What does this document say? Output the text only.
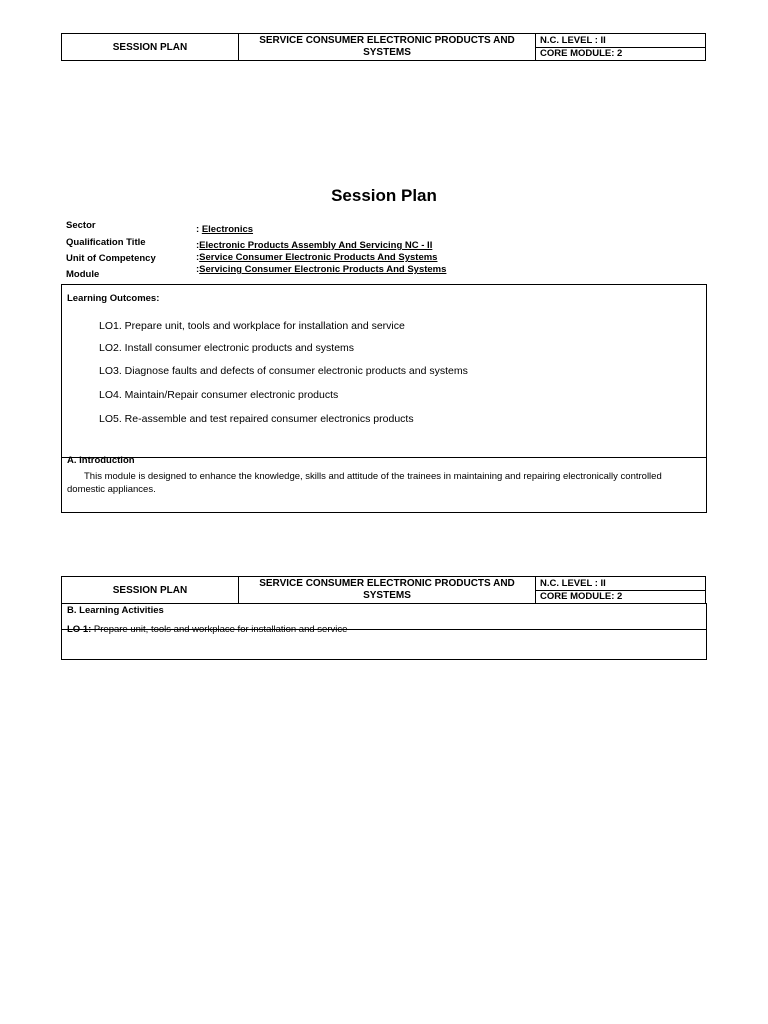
SESSION PLAN
SERVICE CONSUMER ELECTRONIC PRODUCTS AND SYSTEMS
N.C. LEVEL : II
CORE MODULE: 2
Session Plan
Sector
Qualification Title
Unit of Competency
Module
: Electronics
:Electronic Products Assembly And Servicing NC - II
:Service Consumer Electronic Products And Systems
:Servicing Consumer Electronic Products And Systems
Learning Outcomes:
LO1. Prepare unit, tools and workplace for installation and service
LO2. Install consumer electronic products and systems
LO3. Diagnose faults and defects of consumer electronic products and systems
LO4. Maintain/Repair consumer electronic products
LO5. Re-assemble and test repaired consumer electronics products
A. Introduction
This module is designed to enhance the knowledge, skills and attitude of the trainees in maintaining and repairing electronically controlled domestic appliances.
SESSION PLAN
SERVICE CONSUMER ELECTRONIC PRODUCTS AND SYSTEMS
N.C. LEVEL : II
CORE MODULE: 2
B. Learning Activities
LO 1: Prepare unit, tools and workplace for installation and service
